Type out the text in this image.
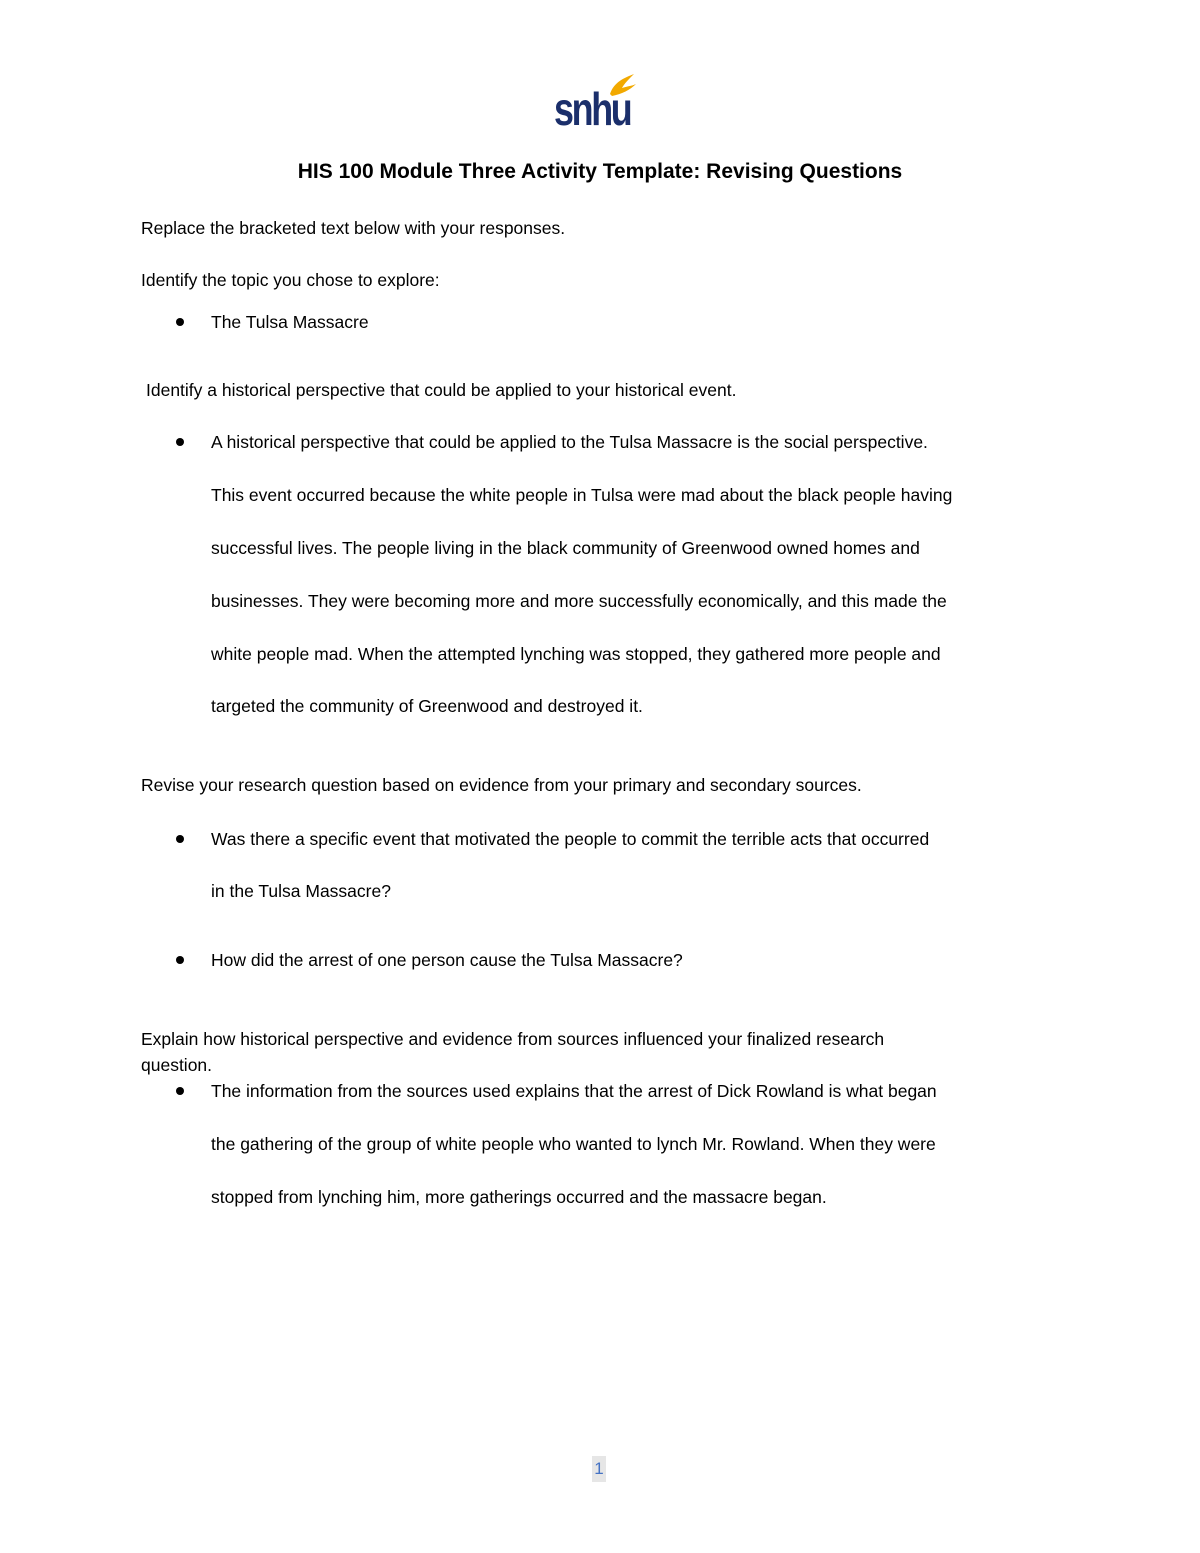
snhu
HIS 100 Module Three Activity Template: Revising Questions
Replace the bracketed text below with your responses.
Identify the topic you chose to explore:
The Tulsa Massacre
Identify a historical perspective that could be applied to your historical event.
A historical perspective that could be applied to the Tulsa Massacre is the social perspective.
This event occurred because the white people in Tulsa were mad about the black people having
successful lives. The people living in the black community of Greenwood owned homes and
businesses. They were becoming more and more successfully economically, and this made the
white people mad. When the attempted lynching was stopped, they gathered more people and
targeted the community of Greenwood and destroyed it.
Revise your research question based on evidence from your primary and secondary sources.
Was there a specific event that motivated the people to commit the terrible acts that occurred
in the Tulsa Massacre?
How did the arrest of one person cause the Tulsa Massacre?
Explain how historical perspective and evidence from sources influenced your finalized research
question.
The information from the sources used explains that the arrest of Dick Rowland is what began
the gathering of the group of white people who wanted to lynch Mr. Rowland. When they were
stopped from lynching him, more gatherings occurred and the massacre began.
1
